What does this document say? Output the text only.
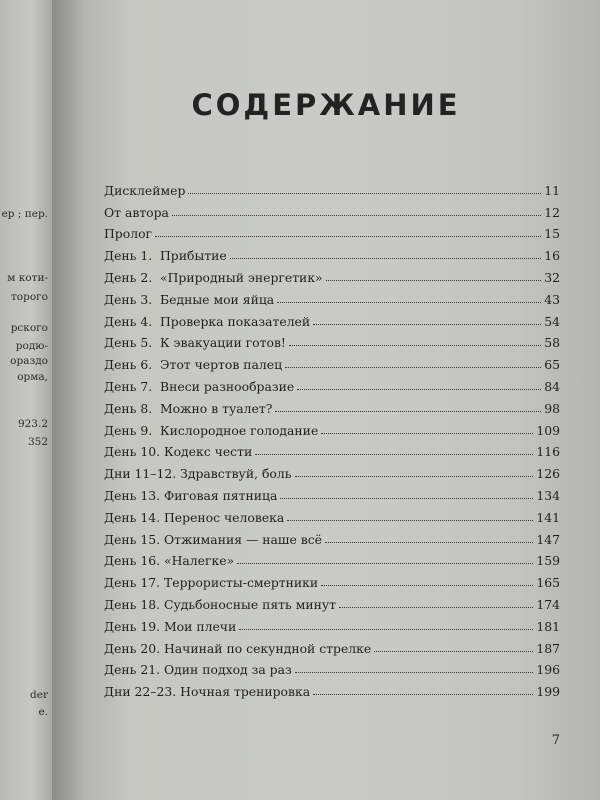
ер ; пер.
м коти-
торого
рского
родю-
ораздо
орма,
923.2
352
der
e.
СОДЕРЖАНИЕ
Дисклеймер	11
От автора	12
Пролог	15
День 1. Прибытие	16
День 2. «Природный энергетик»	32
День 3. Бедные мои яйца	43
День 4. Проверка показателей	54
День 5. К эвакуации готов!	58
День 6. Этот чертов палец	65
День 7. Внеси разнообразие	84
День 8. Можно в туалет?	98
День 9. Кислородное голодание	109
День 10. Кодекс чести	116
Дни 11–12. Здравствуй, боль	126
День 13. Фиговая пятница	134
День 14. Перенос человека	141
День 15. Отжимания — наше всё	147
День 16. «Налегке»	159
День 17. Террористы-смертники	165
День 18. Судьбоносные пять минут	174
День 19. Мои плечи	181
День 20. Начинай по секундной стрелке	187
День 21. Один подход за раз	196
Дни 22–23. Ночная тренировка	199
7
